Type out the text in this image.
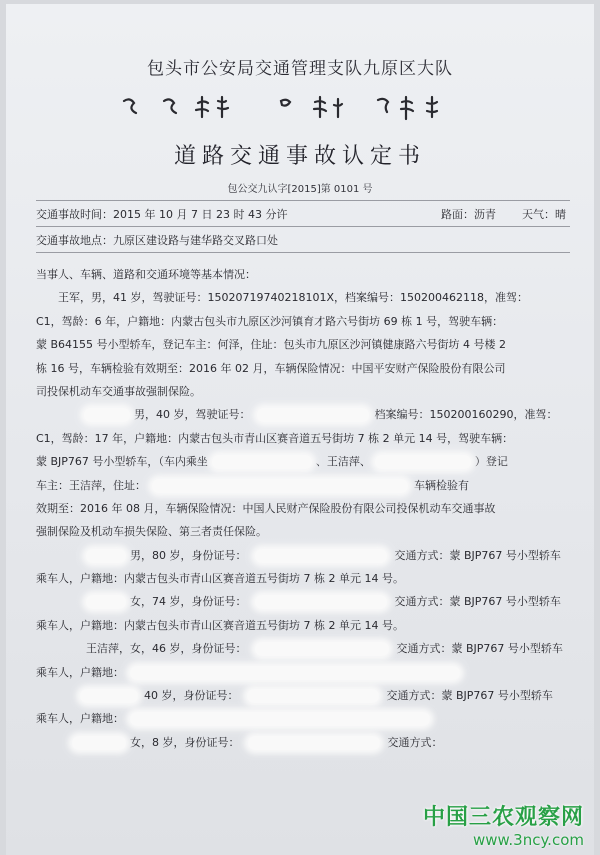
包头市公安局交通管理支队九原区大队
道路交通事故认定书
包公交九认字[2015]第 0101 号
交通事故时间：2015 年 10 月 7 日 23 时 43 分许	路面：沥青 天气：晴
交通事故地点：九原区建设路与建华路交叉路口处
当事人、车辆、道路和交通环境等基本情况：
王军，男，41 岁，驾驶证号：15020719740218101X，档案编号：150200462118，准驾：
C1，驾龄：6 年，户籍地：内蒙古包头市九原区沙河镇育才路六号街坊 69 栋 1 号，驾驶车辆：
蒙 B64155 号小型轿车，登记车主：何泽，住址：包头市九原区沙河镇健康路六号街坊 4 号楼 2
栋 16 号，车辆检验有效期至：2016 年 02 月，车辆保险情况：中国平安财产保险股份有限公司
司投保机动车交通事故强制保险。
男，40 岁，驾驶证号：	档案编号：150200160290，准驾：
C1，驾龄：17 年，户籍地：内蒙古包头市青山区赛音道五号街坊 7 栋 2 单元 14 号，驾驶车辆：
蒙 BJP767 号小型轿车，（车内乘坐	、王洁萍、	）登记
车主：王洁萍，住址：	车辆检验有
效期至：2016 年 08 月，车辆保险情况：中国人民财产保险股份有限公司投保机动车交通事故
强制保险及机动车损失保险、第三者责任保险。
男，80 岁，身份证号：	交通方式：蒙 BJP767 号小型轿车
乘车人，户籍地：内蒙古包头市青山区赛音道五号街坊 7 栋 2 单元 14 号。
女，74 岁，身份证号：	交通方式：蒙 BJP767 号小型轿车
乘车人，户籍地：内蒙古包头市青山区赛音道五号街坊 7 栋 2 单元 14 号。
王洁萍，女，46 岁，身份证号：	交通方式：蒙 BJP767 号小型轿车
乘车人，户籍地：
40 岁，身份证号：	交通方式：蒙 BJP767 号小型轿车
乘车人，户籍地：
女，8 岁，身份证号：	交通方式：
中国三农观察网
www.3ncy.com
